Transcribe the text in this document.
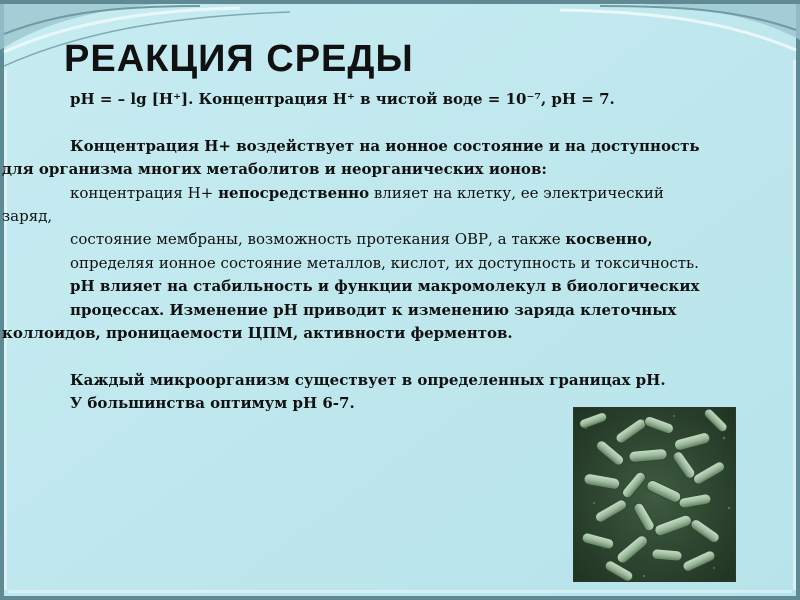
РЕАКЦИЯ СРЕДЫ
рН = – lg [H⁺]. Концентрация H⁺ в чистой воде = 10⁻⁷, рН = 7.
Концентрация Н+ воздействует на ионное состояние и на доступность
для организма многих метаболитов и неорганических ионов:
концентрация Н+ непосредственно влияет на клетку, ее электрический
заряд,
состояние мембраны, возможность протекания ОВР, а также косвенно,
определяя ионное состояние металлов, кислот, их доступность и токсичность.
рН влияет на стабильность и функции макромолекул в биологических
процессах. Изменение рН приводит к изменению заряда клеточных
коллоидов, проницаемости ЦПМ, активности ферментов.
Каждый микроорганизм существует в определенных границах рН.
У большинства оптимум рН 6-7.
